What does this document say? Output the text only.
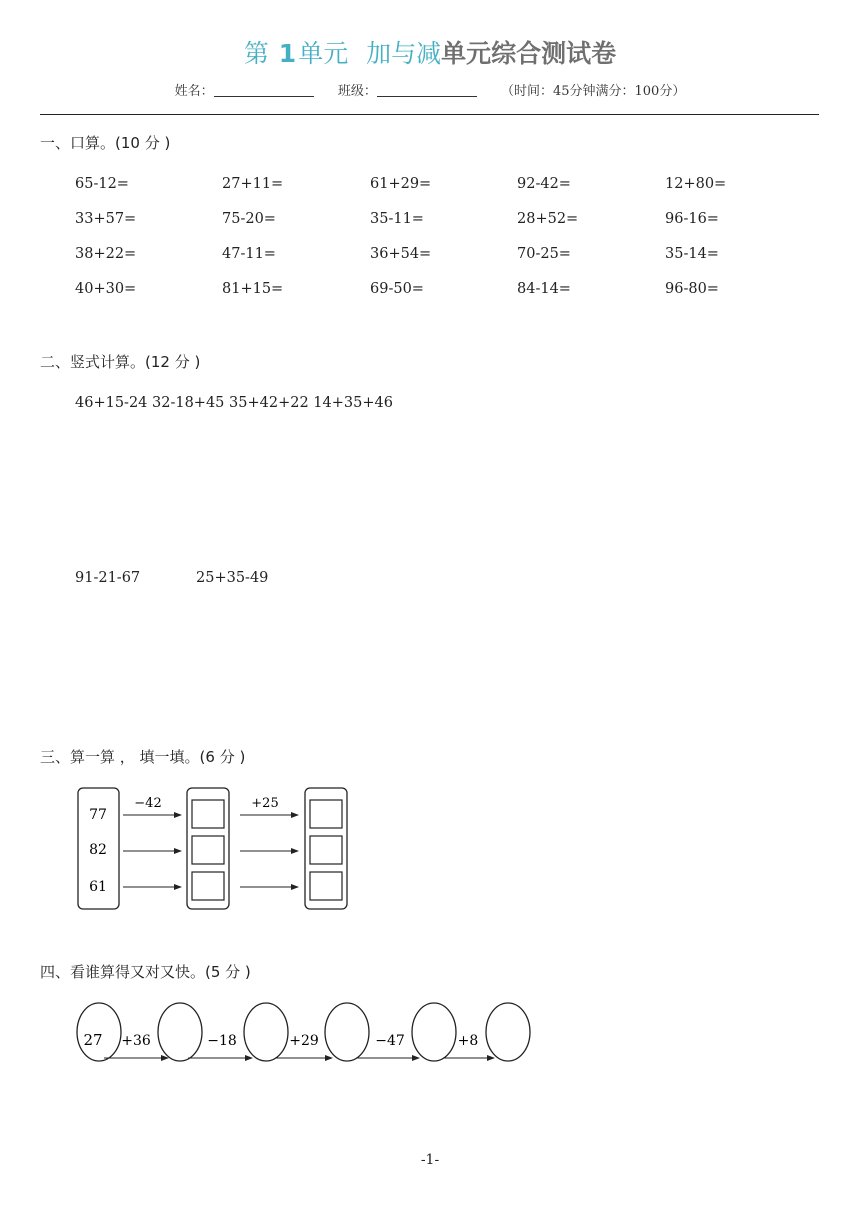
第 1单元 加与减单元综合测试卷
姓名：	班级：	（时间：45分钟满分：100分）
一、口算。(10 分 )
65-12=	27+11=	61+29=	92-42=	12+80=
33+57=	75-20=	35-11=	28+52=	96-16=
38+22=	47-11=	36+54=	70-25=	35-14=
40+30=	81+15=	69-50=	84-14=	96-80=
二、竖式计算。(12 分 )
46+15-24 32-18+45 35+42+22 14+35+46
91-21-67	25+35-49
三、算一算 ， 填一填。(6 分 )
77
82
61
−42	+25
四、看谁算得又对又快。(5 分 )
27 +36	−18	+29	−47	+8
-1-
